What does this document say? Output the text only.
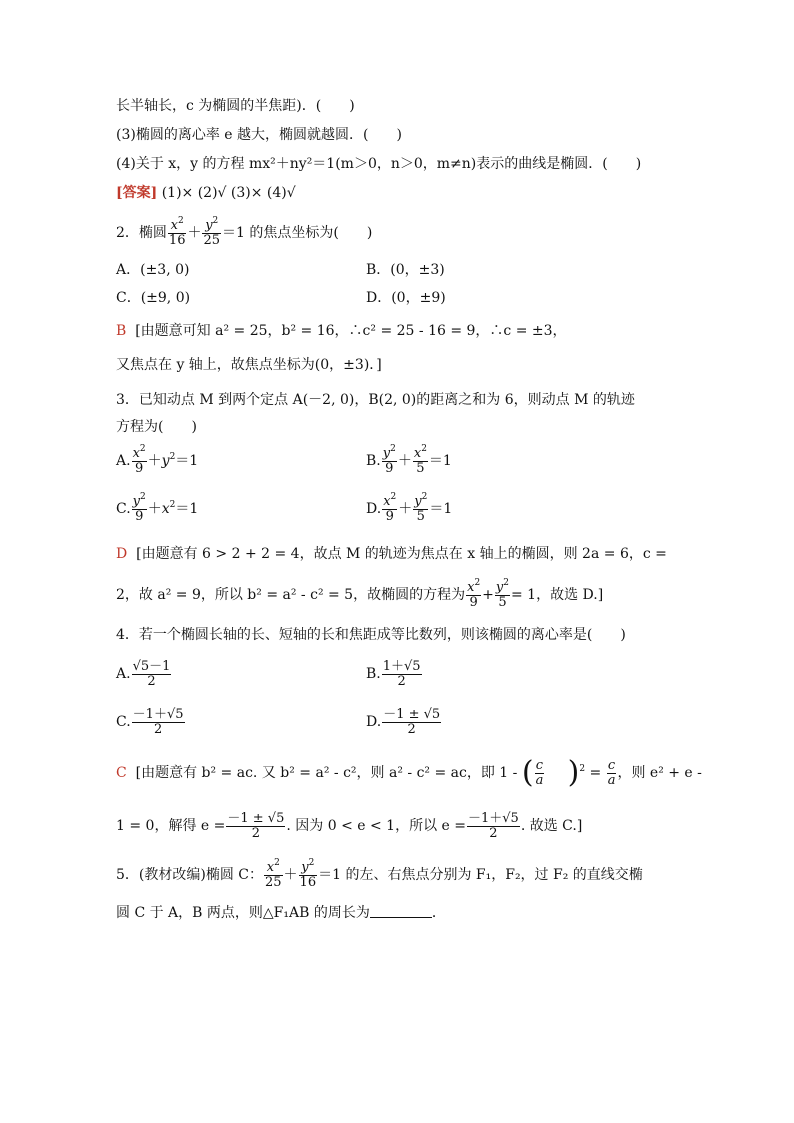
长半轴长，c 为椭圆的半焦距)．(　　)
(3)椭圆的离心率 e 越大，椭圆就越圆．(　　)
(4)关于 x，y 的方程 mx²＋ny²＝1(m＞0，n＞0，m≠n)表示的曲线是椭圆．(　　)
[答案] (1)× (2)√ (3)× (4)√
2．椭圆 $\frac{x^2}{16} + \frac{y^2}{25} =1$ 的焦点坐标为(　　)
A．(±3, 0)	B．(0，±3)
C．(±9, 0)	D．(0，±9)
B [由题意可知 a² = 25，b² = 16，∴c² = 25 - 16 = 9，∴c = ±3，
又焦点在 y 轴上，故焦点坐标为(0，±3)．]
3．已知动点 M 到两个定点 A(－2, 0)，B(2, 0)的距离之和为 6，则动点 M 的轨迹
方程为(　　)
A. $\frac{x^2}{9} +y^2=1$	B. $\frac{y^2}{9} + \frac{x^2}{5} =1$
C. $\frac{y^2}{9} +x^2=1$	D. $\frac{x^2}{9} + \frac{y^2}{5} =1$
D [由题意有 6 > 2 + 2 = 4，故点 M 的轨迹为焦点在 x 轴上的椭圆，则 2a = 6，c =
2，故 a² = 9，所以 b² = a² - c² = 5，故椭圆的方程为 $\frac{x^2}{9} + \frac{y^2}{5} = 1$，故选 D.]
4．若一个椭圆长轴的长、短轴的长和焦距成等比数列，则该椭圆的离心率是(　　)
A. $\frac{√5-1}{2}$	B. $\frac{1+√5}{2}$
C. $\frac{-1+√5}{2}$	D. $\frac{-1 \pm √5}{2}$
C [由题意有 b² = ac. 又 b² = a² - c²，则 a² - c² = ac，即 1 - ( $\frac{c}{a} )^2 = \frac{c}{a}$ ，则 e² + e -
1 = 0，解得 $e = \frac{-1 \pm √5}{2}$ . 因为 0 < e < 1，所以 $e = \frac{-1+√5}{2}$ . 故选 C.]
5．(教材改编)椭圆 C： $\frac{x^2}{25} + \frac{y^2}{16} =1$ 的左、右焦点分别为 F₁，F₂，过 F₂ 的直线交椭
圆 C 于 A，B 两点，则△F₁AB 的周长为	．
